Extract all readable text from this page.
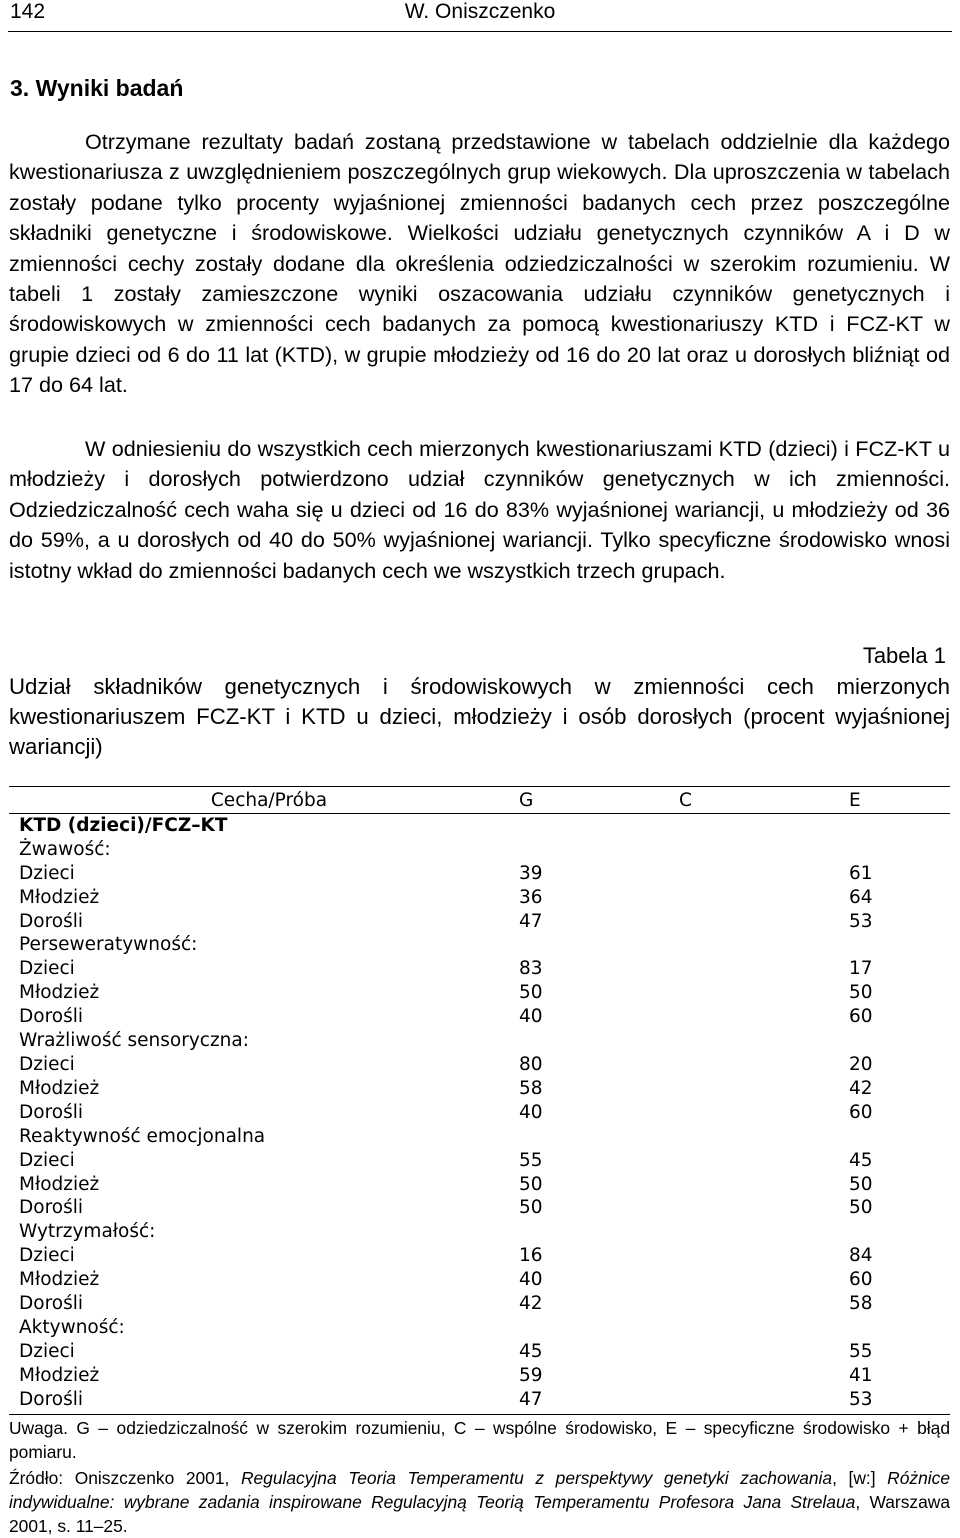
142	W. Oniszczenko
3. Wyniki badań

Otrzymane rezultaty badań zostaną przedstawione w tabelach oddzielnie dla każdego kwestionariusza z uwzględnieniem poszczególnych grup wiekowych. Dla uproszczenia w tabelach zostały podane tylko procenty wyjaśnionej zmienności badanych cech przez poszczególne składniki genetyczne i środowiskowe. Wielkości udziału genetycznych czynników A i D w zmienności cechy zostały dodane dla określenia odziedziczalności w szerokim rozumieniu. W tabeli 1 zostały zamieszczone wyniki oszacowania udziału czynników genetycznych i środowiskowych w zmienności cech badanych za pomocą kwestionariuszy KTD i FCZ-KT w grupie dzieci od 6 do 11 lat (KTD), w grupie młodzieży od 16 do 20 lat oraz u dorosłych bliźniąt od 17 do 64 lat.

W odniesieniu do wszystkich cech mierzonych kwestionariuszami KTD (dzieci) i FCZ-KT u młodzieży i dorosłych potwierdzono udział czynników genetycznych w ich zmienności. Odziedziczalność cech waha się u dzieci od 16 do 83% wyjaśnionej wariancji, u młodzieży od 36 do 59%, a u dorosłych od 40 do 50% wyjaśnionej wariancji. Tylko specyficzne środowisko wnosi istotny wkład do zmienności badanych cech we wszystkich trzech grupach.

Tabela 1

Udział składników genetycznych i środowiskowych w zmienności cech mierzonych kwestionariuszem FCZ-KT i KTD u dzieci, młodzieży i osób dorosłych (procent wyjaśnionej wariancji)

Cecha/Próba	G	C	E

KTD (dzieci)/FCZ–KT			
Żwawość:			
Dzieci	39		61
Młodzież	36		64
Dorośli	47		53
Perseweratywność:			
Dzieci	83		17
Młodzież	50		50
Dorośli	40		60
Wrażliwość sensoryczna:			
Dzieci	80		20
Młodzież	58		42
Dorośli	40		60
Reaktywność emocjonalna			
Dzieci	55		45
Młodzież	50		50
Dorośli	50		50
Wytrzymałość:			
Dzieci	16		84
Młodzież	40		60
Dorośli	42		58
Aktywność:			
Dzieci	45		55
Młodzież	59		41
Dorośli	47		53

Uwaga. G – odziedziczalność w szerokim rozumieniu, C – wspólne środowisko, E – specyficzne środowisko + błąd pomiaru.

Źródło: Oniszczenko 2001, Regulacyjna Teoria Temperamentu z perspektywy genetyki zachowania, [w:] Różnice indywidualne: wybrane zadania inspirowane Regulacyjną Teorią Temperamentu Profesora Jana Strelaua, Warszawa 2001, s. 11–25.
